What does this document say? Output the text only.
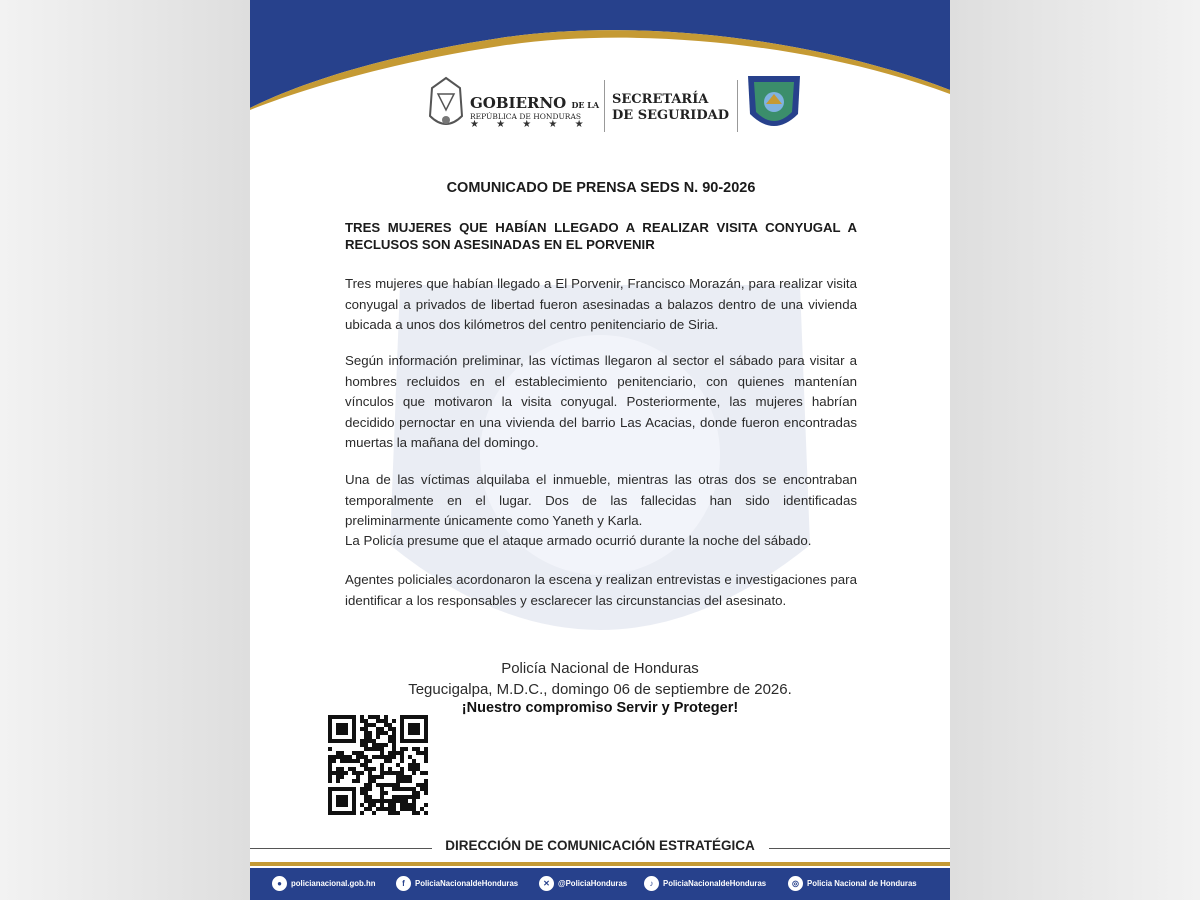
GOBIERNO DE LA
REPÚBLICA DE HONDURAS
★ ★ ★ ★ ★
SECRETARÍA
DE SEGURIDAD
COMUNICADO DE PRENSA SEDS N. 90-2026
TRES MUJERES QUE HABÍAN LLEGADO A REALIZAR VISITA CONYUGAL A RECLUSOS SON ASESINADAS EN EL PORVENIR

Tres mujeres que habían llegado a El Porvenir, Francisco Morazán, para realizar visita conyugal a privados de libertad fueron asesinadas a balazos dentro de una vivienda ubicada a unos dos kilómetros del centro penitenciario de Siria.

Según información preliminar, las víctimas llegaron al sector el sábado para visitar a hombres recluidos en el establecimiento penitenciario, con quienes mantenían vínculos que motivaron la visita conyugal. Posteriormente, las mujeres habrían decidido pernoctar en una vivienda del barrio Las Acacias, donde fueron encontradas muertas la mañana del domingo.

Una de las víctimas alquilaba el inmueble, mientras las otras dos se encontraban temporalmente en el lugar. Dos de las fallecidas han sido identificadas preliminarmente únicamente como Yaneth y Karla.

La Policía presume que el ataque armado ocurrió durante la noche del sábado.

Agentes policiales acordonaron la escena y realizan entrevistas e investigaciones para identificar a los responsables y esclarecer las circunstancias del asesinato.

Policía Nacional de Honduras
Tegucigalpa, M.D.C., domingo 06 de septiembre de 2026.
¡Nuestro compromiso Servir y Proteger!
DIRECCIÓN DE COMUNICACIÓN ESTRATÉGICA
●	policianacional.gob.hn	f	PoliciaNacionaldeHonduras	✕	@PoliciaHonduras	♪	PoliciaNacionaldeHonduras	◎	Policia Nacional de Honduras
